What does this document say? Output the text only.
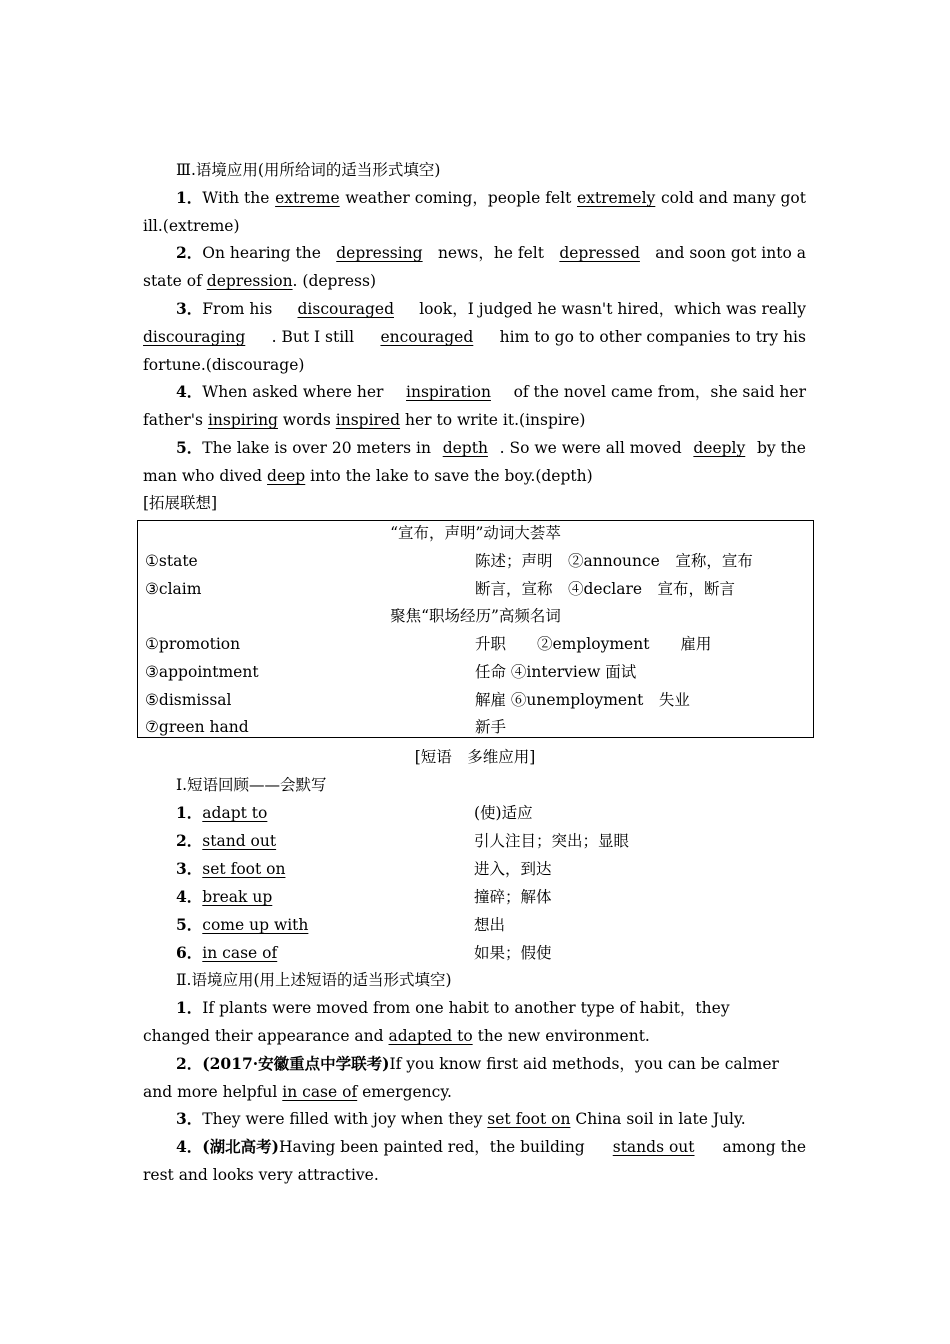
Ⅲ.语境应用(用所给词的适当形式填空)
1．With the extreme weather coming，people felt extremely cold and many got
ill.(extreme)
2．On hearing the depressing news，he felt depressed and soon got into a
state of depression. (depress)
3．From his discouraged look，I judged he wasn't hired，which was really
discouraging . But I still encouraged him to go to other companies to try his
fortune.(discourage)
4．When asked where her inspiration of the novel came from，she said her
father's inspiring words inspired her to write it.(inspire)
5．The lake is over 20 meters in depth . So we were all moved deeply by the
man who dived deep into the lake to save the boy.(depth)
[拓展联想]
“宣布，声明”动词大荟萃
①state	陈述；声明　②announce　宣称，宣布
③claim	断言，宣称　④declare　宣布，断言
聚焦“职场经历”高频名词
①promotion	升职　　②employment　　雇用
③appointment	任命 ④interview 面试
⑤dismissal	解雇 ⑥unemployment　失业
⑦green hand	新手
[短语　多维应用]
Ⅰ.短语回顾——会默写
1．adapt to	(使)适应
2．stand out	引人注目；突出；显眼
3．set foot on	进入，到达
4．break up	撞碎；解体
5．come up with	想出
6．in case of	如果；假使
Ⅱ.语境应用(用上述短语的适当形式填空)
1．If plants were moved from one habit to another type of habit，they
changed their appearance and adapted to the new environment.
2．(2017·安徽重点中学联考)If you know first aid methods，you can be calmer
and more helpful in case of emergency.
3．They were filled with joy when they set foot on China soil in late July.
4．(湖北高考)Having been painted red，the building stands out among the
rest and looks very attractive.
